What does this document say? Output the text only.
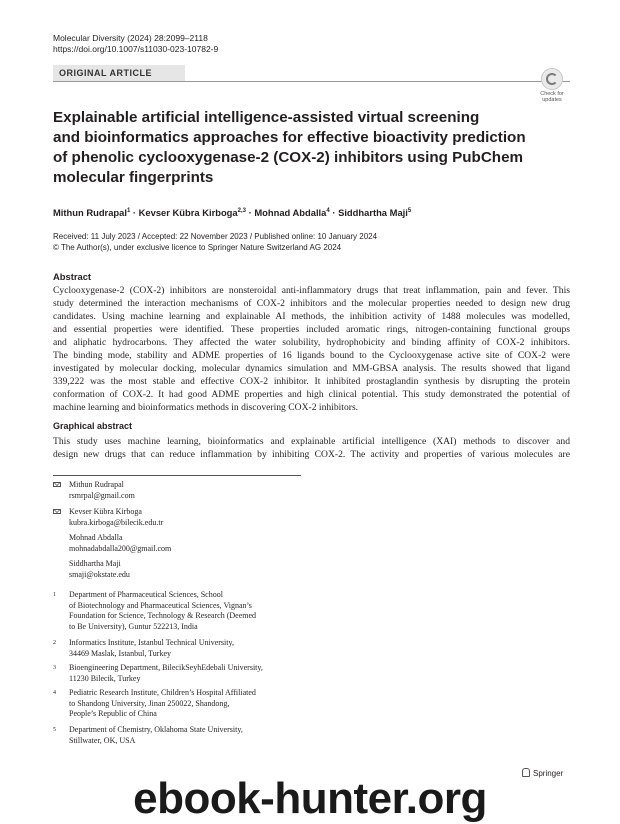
Molecular Diversity (2024) 28:2099–2118
https://doi.org/10.1007/s11030-023-10782-9
ORIGINAL ARTICLE
Check for
updates
Explainable artificial intelligence-assisted virtual screening
and bioinformatics approaches for effective bioactivity prediction
of phenolic cyclooxygenase-2 (COX-2) inhibitors using PubChem
molecular fingerprints
Mithun Rudrapal$^1$ · Kevser Kübra Kirboga$^{2,3}$ · Mohnad Abdalla$^4$ · Siddhartha Maji$^5$
Received: 11 July 2023 / Accepted: 22 November 2023 / Published online: 10 January 2024
© The Author(s), under exclusive licence to Springer Nature Switzerland AG 2024
Abstract
Cyclooxygenase-2 (COX-2) inhibitors are nonsteroidal anti-inflammatory drugs that treat inflammation, pain and fever. This
study determined the interaction mechanisms of COX-2 inhibitors and the molecular properties needed to design new drug
candidates. Using machine learning and explainable AI methods, the inhibition activity of 1488 molecules was modelled,
and essential properties were identified. These properties included aromatic rings, nitrogen-containing functional groups
and aliphatic hydrocarbons. They affected the water solubility, hydrophobicity and binding affinity of COX-2 inhibitors.
The binding mode, stability and ADME properties of 16 ligands bound to the Cyclooxygenase active site of COX-2 were
investigated by molecular docking, molecular dynamics simulation and MM-GBSA analysis. The results showed that ligand
339,222 was the most stable and effective COX-2 inhibitor. It inhibited prostaglandin synthesis by disrupting the protein
conformation of COX-2. It had good ADME properties and high clinical potential. This study demonstrated the potential of
machine learning and bioinformatics methods in discovering COX-2 inhibitors.
Graphical abstract
This study uses machine learning, bioinformatics and explainable artificial intelligence (XAI) methods to discover and
design new drugs that can reduce inflammation by inhibiting COX-2. The activity and properties of various molecules are
Mithun Rudrapal
rsmrpal@gmail.com
Kevser Kübra Kirboga
kubra.kirboga@bilecik.edu.tr
Mohnad Abdalla
mohnadabdalla200@gmail.com
Siddhartha Maji
smaji@okstate.edu
1 Department of Pharmaceutical Sciences, School
of Biotechnology and Pharmaceutical Sciences, Vignan’s
Foundation for Science, Technology & Research (Deemed
to Be University), Guntur 522213, India
2 Informatics Institute, Istanbul Technical University,
34469 Maslak, Istanbul, Turkey
3 Bioengineering Department, BilecikSeyhEdebali University,
11230 Bilecik, Turkey
4 Pediatric Research Institute, Children’s Hospital Affiliated
to Shandong University, Jinan 250022, Shandong,
People’s Republic of China
5 Department of Chemistry, Oklahoma State University,
Stillwater, OK, USA
Springer
ebook-hunter.org
